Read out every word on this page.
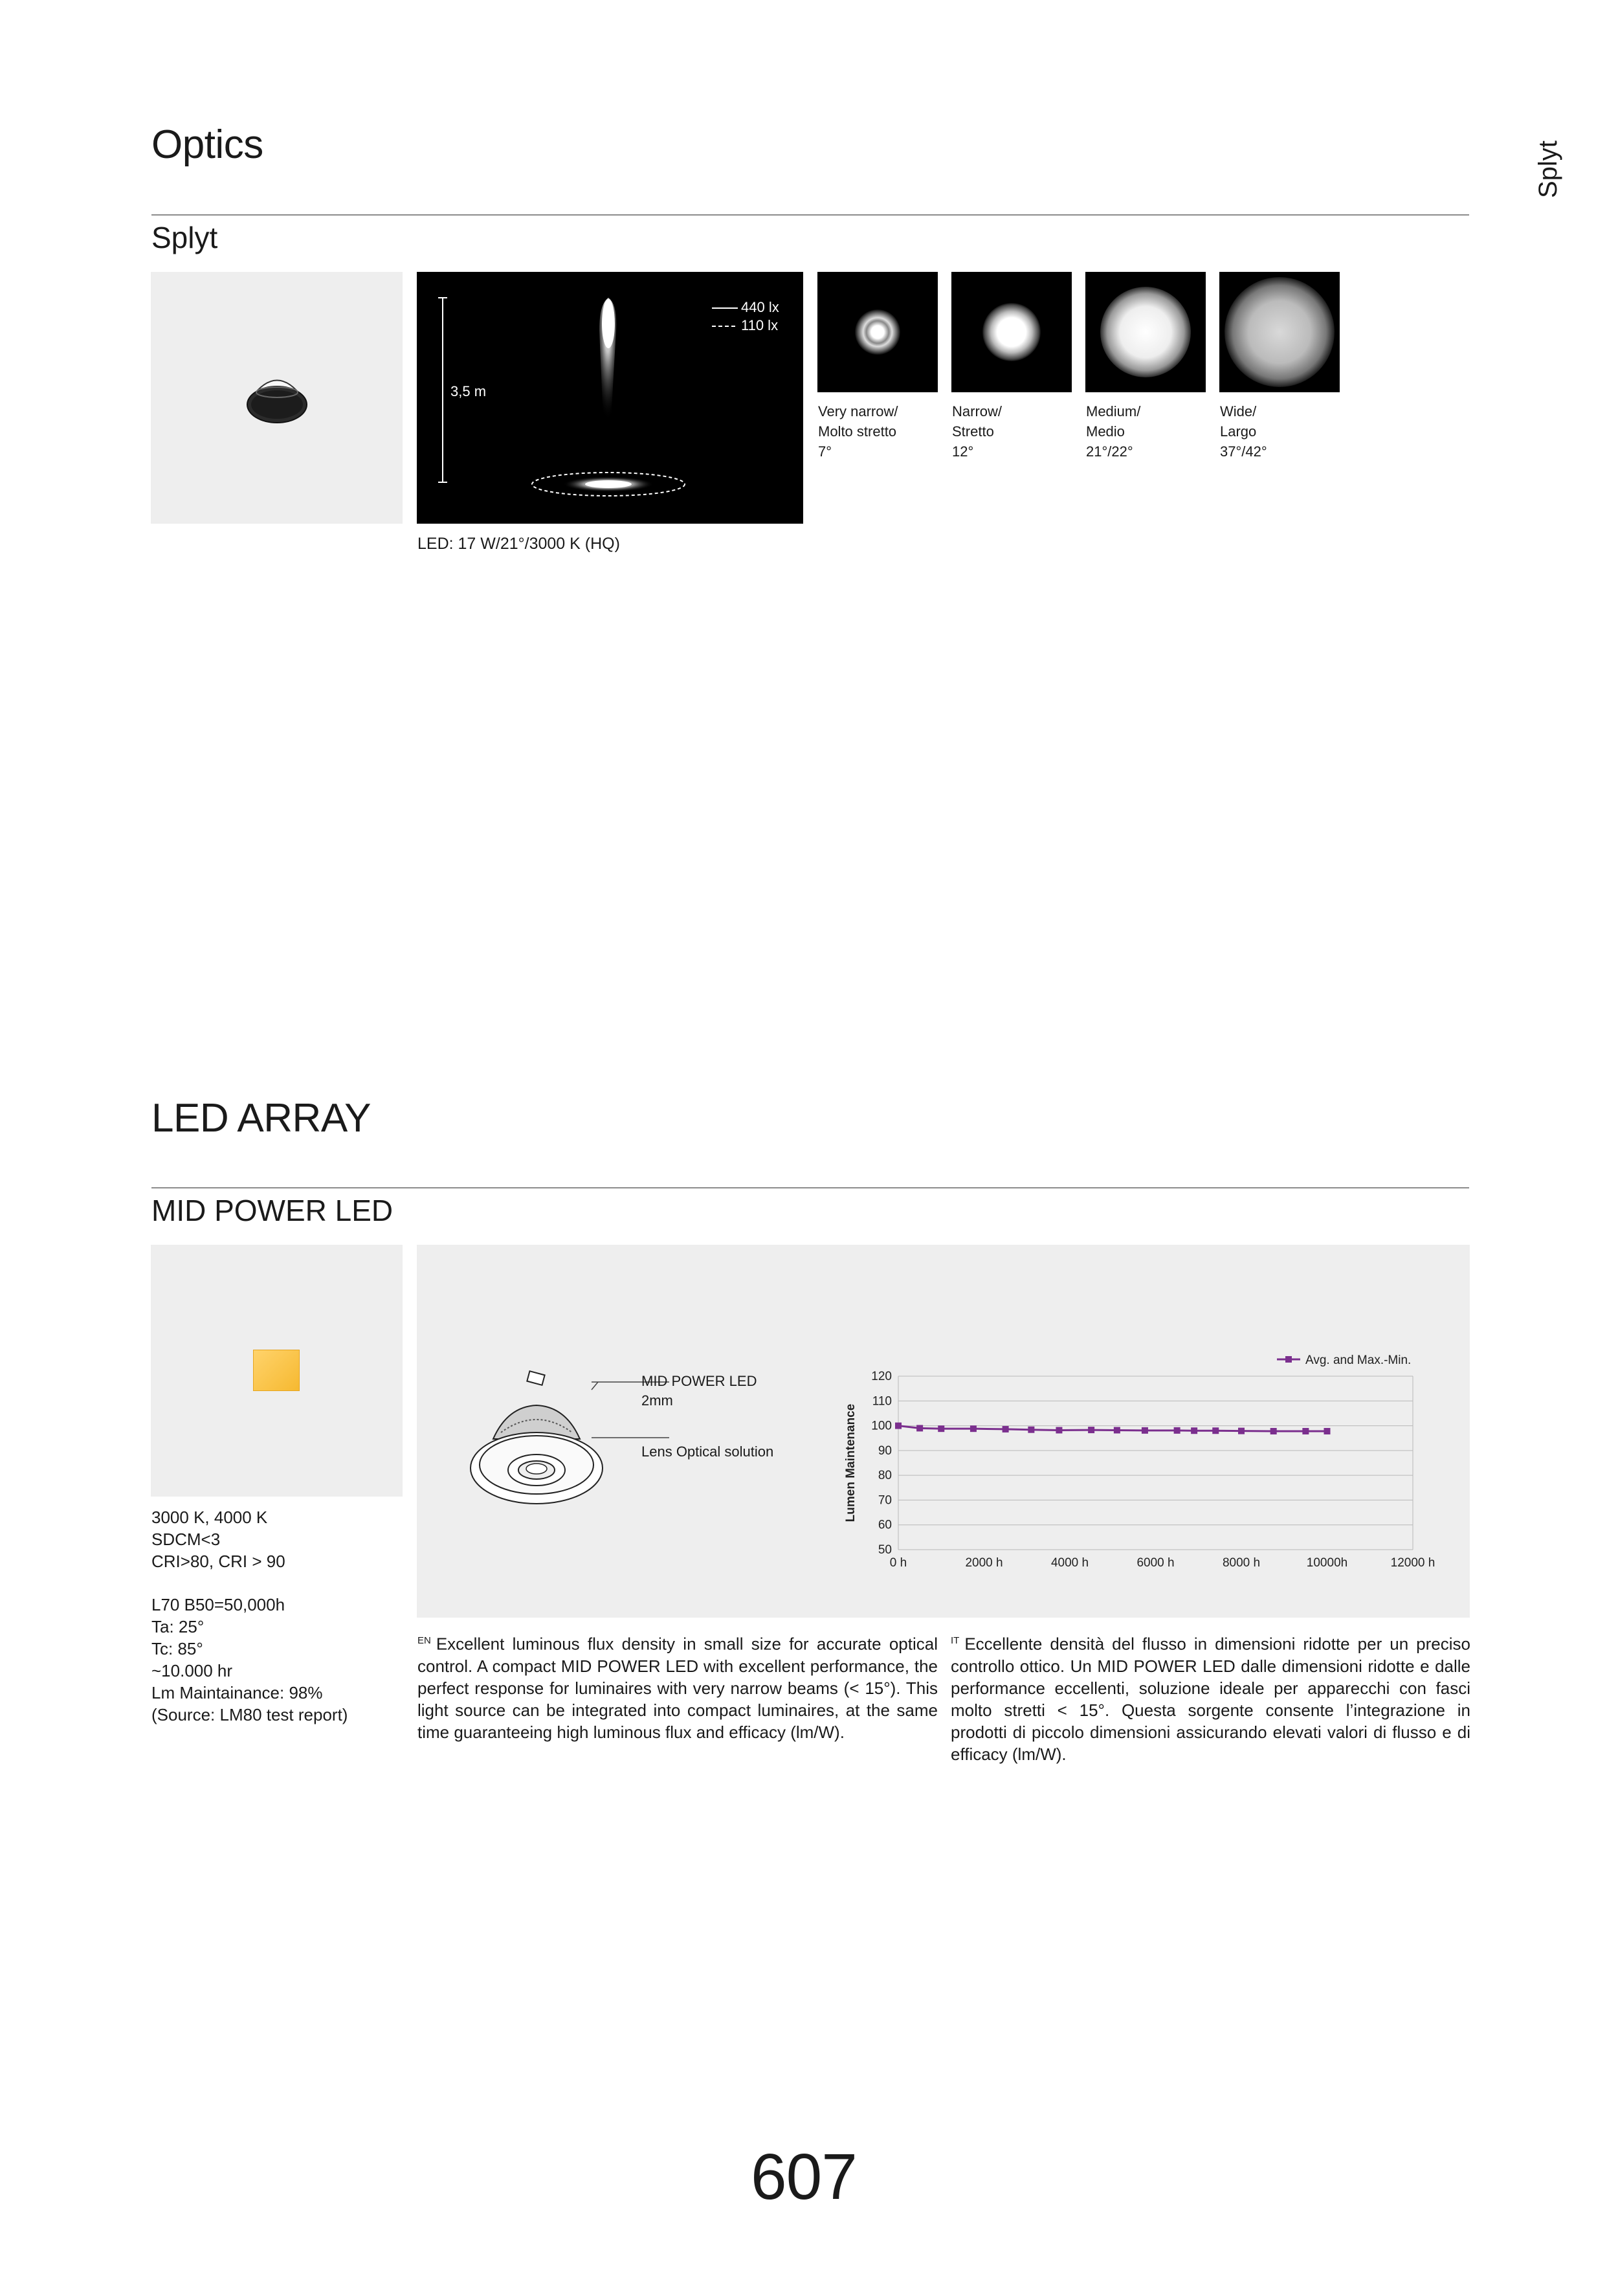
Splyt
Optics
Splyt
440 lx
110 lx
3,5 m
LED: 17 W/21°/3000 K (HQ)
Very narrow/
Molto stretto
7°
Narrow/
Stretto
12°
Medium/
Medio
21°/22°
Wide/
Largo
37°/42°
LED ARRAY
MID POWER LED
3000 K, 4000 K
SDCM<3
CRI>80, CRI > 90
L70 B50=50,000h
Ta: 25°
Tc: 85°
~10.000 hr
Lm Maintainance: 98%
(Source: LM80 test report)
MID POWER LED
2mm
Lens Optical solution
50
60
70
80
90
100
110
120
0 h	2000 h	4000 h	6000 h	8000 h	10000h	12000 h
Lumen Maintenance
Avg. and Max.-Min.
$^{EN}$ Excellent luminous flux density in small size for accurate optical control. A compact MID POWER LED with excellent performance, the perfect response for luminaires with very narrow beams (< 15°). This light source can be integrated into compact luminaires, at the same time guaranteeing high luminous flux and efficacy (lm/W).
$^{IT}$ Eccellente densità del flusso in dimensioni ridotte per un preciso controllo ottico. Un MID POWER LED dalle dimensioni ridotte e dalle performance eccellenti, soluzione ideale per apparecchi con fasci molto stretti < 15°. Questa sorgente consente l’integrazione in prodotti di piccolo dimensioni assicurando elevati valori di flusso e di efficacy (lm/W).
607
